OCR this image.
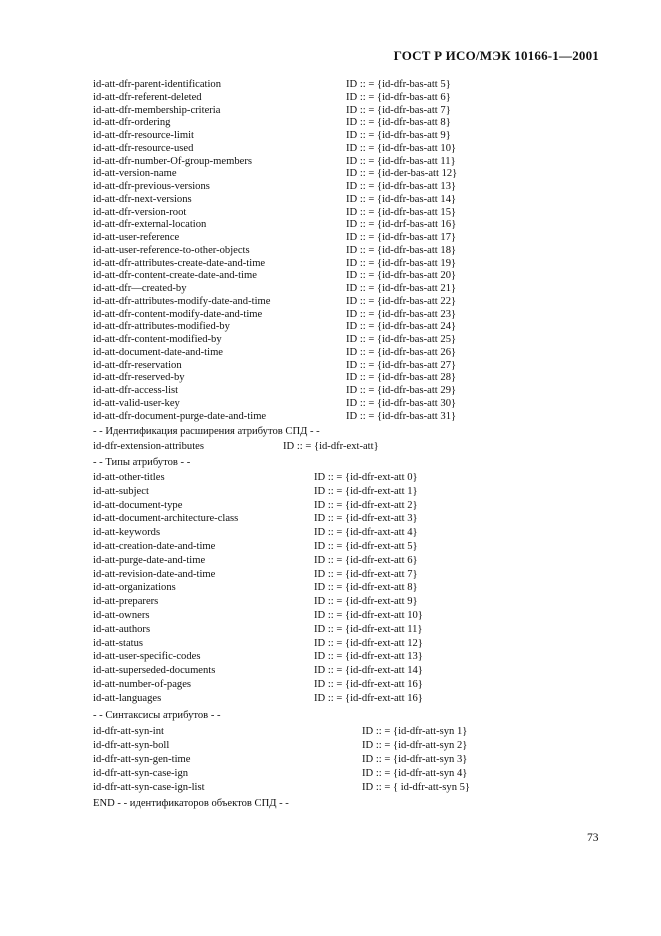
ГОСТ Р ИСО/МЭК 10166-1—2001
id-att-dfr-parent-identification	ID :: = {id-dfr-bas-att 5}
id-att-dfr-referent-deleted	ID :: = {id-dfr-bas-att 6}
id-att-dfr-membership-criteria	ID :: = {id-dfr-bas-att 7}
id-att-dfr-ordering	ID :: = {id-dfr-bas-att 8}
id-att-dfr-resource-limit	ID :: = {id-dfr-bas-att 9}
id-att-dfr-resource-used	ID :: = {id-dfr-bas-att 10}
id-att-dfr-number-Of-group-members	ID :: = {id-dfr-bas-att 11}
id-att-version-name	ID :: = {id-der-bas-att 12}
id-att-dfr-previous-versions	ID :: = {id-dfr-bas-att 13}
id-att-dfr-next-versions	ID :: = {id-dfr-bas-att 14}
id-att-dfr-version-root	ID :: = {id-dfr-bas-att 15}
id-att-dfr-external-location	ID :: = {id-drf-bas-att 16}
id-att-user-reference	ID :: = {id-dfr-bas-att 17}
id-att-user-reference-to-other-objects	ID :: = {id-dfr-bas-att 18}
id-att-dfr-attributes-create-date-and-time	ID :: = {id-dfr-bas-att 19}
id-att-dfr-content-create-date-and-time	ID :: = {id-dfr-bas-att 20}
id-att-dfr—created-by	ID :: = {id-dfr-bas-att 21}
id-att-dfr-attributes-modify-date-and-time	ID :: = {id-dfr-bas-att 22}
id-att-dfr-content-modify-date-and-time	ID :: = {id-dfr-bas-att 23}
id-att-dfr-attributes-modified-by	ID :: = {id-dfr-bas-att 24}
id-att-dfr-content-modified-by	ID :: = {id-dfr-bas-att 25}
id-att-document-date-and-time	ID :: = {id-dfr-bas-att 26}
id-att-dfr-reservation	ID :: = {id-dfr-bas-att 27}
id-att-dfr-reserved-by	ID :: = {id-dfr-bas-att 28}
id-att-dfr-access-list	ID :: = {id-dfr-bas-att 29}
id-att-valid-user-key	ID :: = {id-dfr-bas-att 30}
id-att-dfr-document-purge-date-and-time	ID :: = {id-dfr-bas-att 31}
- - Идентификация расширения атрибутов СПД - -
id-dfr-extension-attributes	ID :: = {id-dfr-ext-att}
- - Типы атрибутов - -
id-att-other-titles	ID :: = {id-dfr-ext-att 0}
id-att-subject	ID :: = {id-dfr-ext-att 1}
id-att-document-type	ID :: = {id-dfr-ext-att 2}
id-att-document-architecture-class	ID :: = {id-dfr-ext-att 3}
id-att-keywords	ID :: = {id-dfr-axt-att 4}
id-att-creation-date-and-time	ID :: = {id-dfr-ext-att 5}
id-att-purge-date-and-time	ID :: = {id-dfr-ext-att 6}
id-att-revision-date-and-time	ID :: = {id-dfr-ext-att 7}
id-att-organizations	ID :: = {id-dfr-ext-att 8}
id-att-preparers	ID :: = {id-dfr-ext-att 9}
id-att-owners	ID :: = {id-dfr-ext-att 10}
id-att-authors	ID :: = {id-dfr-ext-att 11}
id-att-status	ID :: = {id-dfr-ext-att 12}
id-att-user-specific-codes	ID :: = {id-dfr-ext-att 13}
id-att-superseded-documents	ID :: = {id-dfr-ext-att 14}
id-att-number-of-pages	ID :: = {id-dfr-ext-att 16}
id-att-languages	ID :: = {id-dfr-ext-att 16}
- - Синтаксисы атрибутов - -
id-dfr-att-syn-int	ID :: = {id-dfr-att-syn 1}
id-dfr-att-syn-boll	ID :: = {id-dfr-att-syn 2}
id-dfr-att-syn-gen-time	ID :: = {id-dfr-att-syn 3}
id-dfr-att-syn-case-ign	ID :: = {id-dfr-att-syn 4}
id-dfr-att-syn-case-ign-list	ID :: = { id-dfr-att-syn 5}
END - - идентификаторов объектов СПД - -
73
